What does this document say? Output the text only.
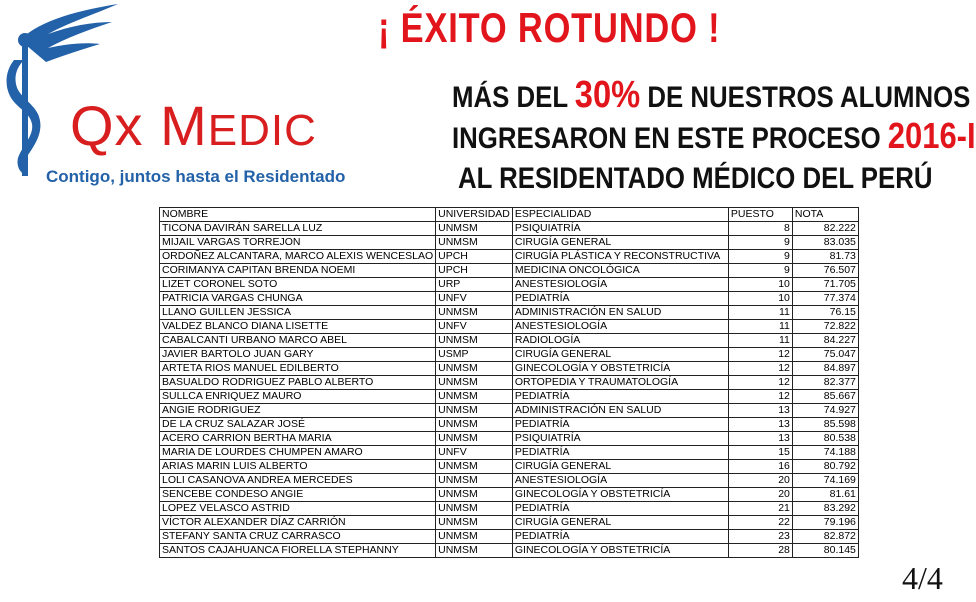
Qx MEDIC
Contigo, juntos hasta el Residentado
¡ ÉXITO ROTUNDO !
MÁS DEL 30% DE NUESTROS ALUMNOS
INGRESARON EN ESTE PROCESO 2016-I
AL RESIDENTADO MÉDICO DEL PERÚ
NOMBRE	UNIVERSIDAD	ESPECIALIDAD	PUESTO	NOTA
TICONA DAVIRÁN SARELLA LUZ	UNMSM	PSIQUIATRÍA	8	82.222
MIJAIL VARGAS TORREJON	UNMSM	CIRUGÍA GENERAL	9	83.035
ORDOÑEZ ALCANTARA, MARCO ALEXIS WENCESLAO	UPCH	CIRUGÍA PLÁSTICA Y RECONSTRUCTIVA	9	81.73
CORIMANYA CAPITAN BRENDA NOEMI	UPCH	MEDICINA ONCOLÓGICA	9	76.507
LIZET CORONEL SOTO	URP	ANESTESIOLOGÍA	10	71.705
PATRICIA VARGAS CHUNGA	UNFV	PEDIATRÍA	10	77.374
LLANO GUILLEN JESSICA	UNMSM	ADMINISTRACIÓN EN SALUD	11	76.15
VALDEZ BLANCO DIANA LISETTE	UNFV	ANESTESIOLOGÍA	11	72.822
CABALCANTI URBANO MARCO ABEL	UNMSM	RADIOLOGÍA	11	84.227
JAVIER BARTOLO JUAN GARY	USMP	CIRUGÍA GENERAL	12	75.047
ARTETA RIOS MANUEL EDILBERTO	UNMSM	GINECOLOGÍA Y OBSTETRICÍA	12	84.897
BASUALDO RODRIGUEZ PABLO ALBERTO	UNMSM	ORTOPEDIA Y TRAUMATOLOGÍA	12	82.377
SULLCA ENRIQUEZ MAURO	UNMSM	PEDIATRÍA	12	85.667
ANGIE RODRIGUEZ	UNMSM	ADMINISTRACIÓN EN SALUD	13	74.927
DE LA CRUZ SALAZAR JOSÉ	UNMSM	PEDIATRÍA	13	85.598
ACERO CARRION BERTHA MARIA	UNMSM	PSIQUIATRÍA	13	80.538
MARIA DE LOURDES CHUMPEN AMARO	UNFV	PEDIATRÍA	15	74.188
ARIAS MARIN LUIS ALBERTO	UNMSM	CIRUGÍA GENERAL	16	80.792
LOLI CASANOVA ANDREA MERCEDES	UNMSM	ANESTESIOLOGÍA	20	74.169
SENCEBE CONDESO ANGIE	UNMSM	GINECOLOGÍA Y OBSTETRICÍA	20	81.61
LOPEZ VELASCO ASTRID	UNMSM	PEDIATRÍA	21	83.292
VÍCTOR ALEXANDER DÍAZ CARRIÓN	UNMSM	CIRUGÍA GENERAL	22	79.196
STEFANY SANTA CRUZ CARRASCO	UNMSM	PEDIATRÍA	23	82.872
SANTOS CAJAHUANCA FIORELLA STEPHANNY	UNMSM	GINECOLOGÍA Y OBSTETRICÍA	28	80.145
4/4
